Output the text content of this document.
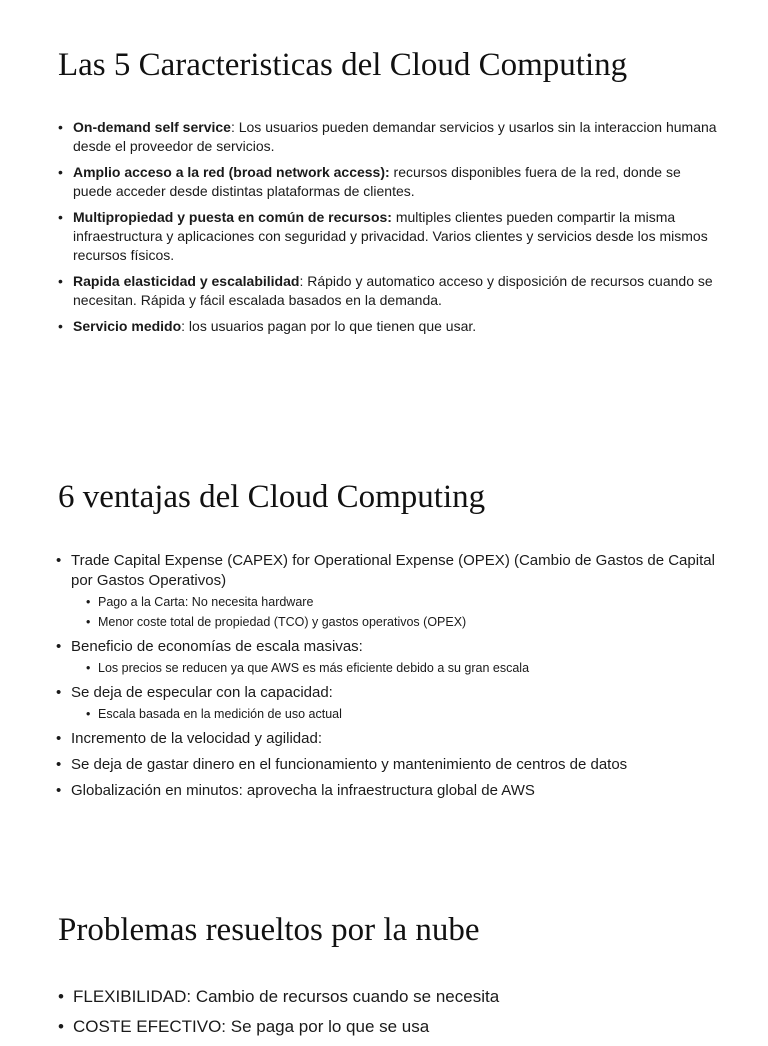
Las 5 Caracteristicas del Cloud Computing
• On-demand self service: Los usuarios pueden demandar servicios y usarlos sin la interaccion humana desde el proveedor de servicios.
• Amplio acceso a la red (broad network access): recursos disponibles fuera de la red, donde se puede acceder desde distintas plataformas de clientes.
• Multipropiedad y puesta en común de recursos: multiples clientes pueden compartir la misma infraestructura y aplicaciones con seguridad y privacidad. Varios clientes y servicios desde los mismos recursos físicos.
• Rapida elasticidad y escalabilidad: Rápido y automatico acceso y disposición de recursos cuando se necesitan. Rápida y fácil escalada basados en la demanda.
• Servicio medido: los usuarios pagan por lo que tienen que usar.
6 ventajas del Cloud Computing
• Trade Capital Expense (CAPEX) for Operational Expense (OPEX) (Cambio de Gastos de Capital por Gastos Operativos)
• Pago a la Carta: No necesita hardware
• Menor coste total de propiedad (TCO) y gastos operativos (OPEX)
• Beneficio de economías de escala masivas:
• Los precios se reducen ya que AWS es más eficiente debido a su gran escala
• Se deja de especular con la capacidad:
• Escala basada en la medición de uso actual
• Incremento de la velocidad y agilidad:
• Se deja de gastar dinero en el funcionamiento y mantenimiento de centros de datos
• Globalización en minutos: aprovecha la infraestructura global de AWS
Problemas resueltos por la nube
• FLEXIBILIDAD: Cambio de recursos cuando se necesita
• COSTE EFECTIVO: Se paga por lo que se usa
